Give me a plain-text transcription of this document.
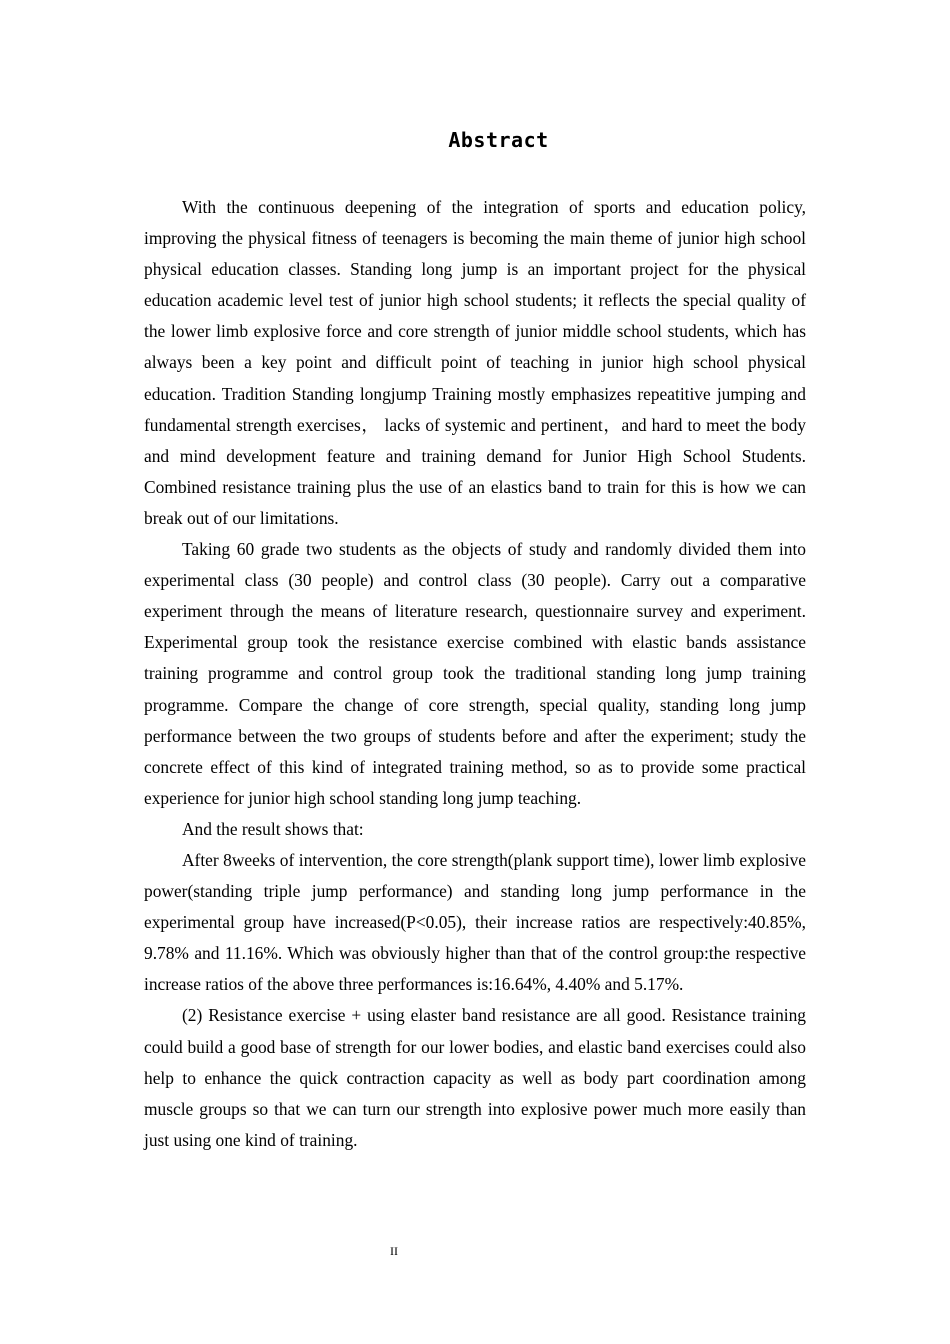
Abstract

With the continuous deepening of the integration of sports and education policy, improving the physical fitness of teenagers is becoming the main theme of junior high school physical education classes. Standing long jump is an important project for the physical education academic level test of junior high school students; it reflects the special quality of the lower limb explosive force and core strength of junior middle school students, which has always been a key point and difficult point of teaching in junior high school physical education. Tradition Standing longjump Training mostly emphasizes repeatitive jumping and fundamental strength exercises， lacks of systemic and pertinent，and hard to meet the body and mind development feature and training demand for Junior High School Students. Combined resistance training plus the use of an elastics band to train for this is how we can break out of our limitations.

Taking 60 grade two students as the objects of study and randomly divided them into experimental class (30 people) and control class (30 people). Carry out a comparative experiment through the means of literature research, questionnaire survey and experiment. Experimental group took the resistance exercise combined with elastic bands assistance training programme and control group took the traditional standing long jump training programme. Compare the change of core strength, special quality, standing long jump performance between the two groups of students before and after the experiment; study the concrete effect of this kind of integrated training method, so as to provide some practical experience for junior high school standing long jump teaching.

And the result shows that:

After 8weeks of intervention, the core strength(plank support time), lower limb explosive power(standing triple jump performance) and standing long jump performance in the experimental group have increased(P<0.05), their increase ratios are respectively:40.85%, 9.78% and 11.16%. Which was obviously higher than that of the control group:the respective increase ratios of the above three performances is:16.64%, 4.40% and 5.17%.

(2) Resistance exercise + using elaster band resistance are all good. Resistance training could build a good base of strength for our lower bodies, and elastic band exercises could also help to enhance the quick contraction capacity as well as body part coordination among muscle groups so that we can turn our strength into explosive power much more easily than just using one kind of training.

II
